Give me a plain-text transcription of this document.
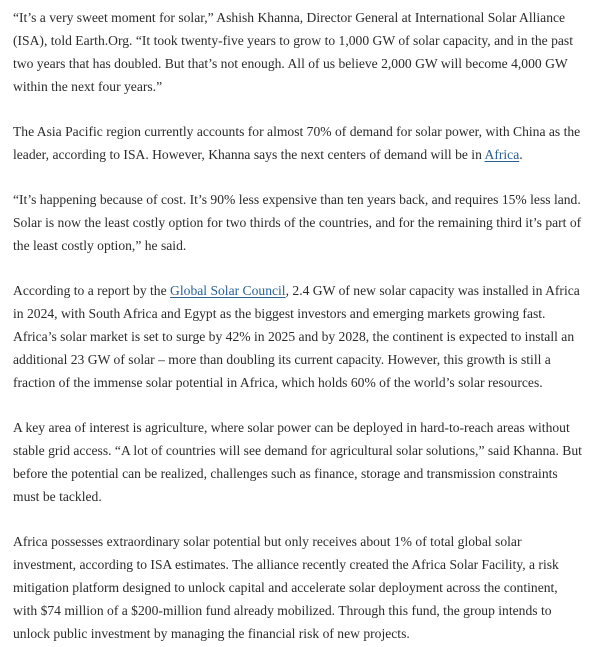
“It’s a very sweet moment for solar,” Ashish Khanna, Director General at International Solar Alliance (ISA), told Earth.Org. “It took twenty-five years to grow to 1,000 GW of solar capacity, and in the past two years that has doubled. But that’s not enough. All of us believe 2,000 GW will become 4,000 GW within the next four years.”

The Asia Pacific region currently accounts for almost 70% of demand for solar power, with China as the leader, according to ISA. However, Khanna says the next centers of demand will be in Africa.

“It’s happening because of cost. It’s 90% less expensive than ten years back, and requires 15% less land. Solar is now the least costly option for two thirds of the countries, and for the remaining third it’s part of the least costly option,” he said.

According to a report by the Global Solar Council, 2.4 GW of new solar capacity was installed in Africa in 2024, with South Africa and Egypt as the biggest investors and emerging markets growing fast. Africa’s solar market is set to surge by 42% in 2025 and by 2028, the continent is expected to install an additional 23 GW of solar – more than doubling its current capacity. However, this growth is still a fraction of the immense solar potential in Africa, which holds 60% of the world’s solar resources.

A key area of interest is agriculture, where solar power can be deployed in hard-to-reach areas without stable grid access. “A lot of countries will see demand for agricultural solar solutions,” said Khanna. But before the potential can be realized, challenges such as finance, storage and transmission constraints must be tackled.

Africa possesses extraordinary solar potential but only receives about 1% of total global solar investment, according to ISA estimates. The alliance recently created the Africa Solar Facility, a risk mitigation platform designed to unlock capital and accelerate solar deployment across the continent, with $74 million of a $200-million fund already mobilized. Through this fund, the group intends to unlock public investment by managing the financial risk of new projects.
